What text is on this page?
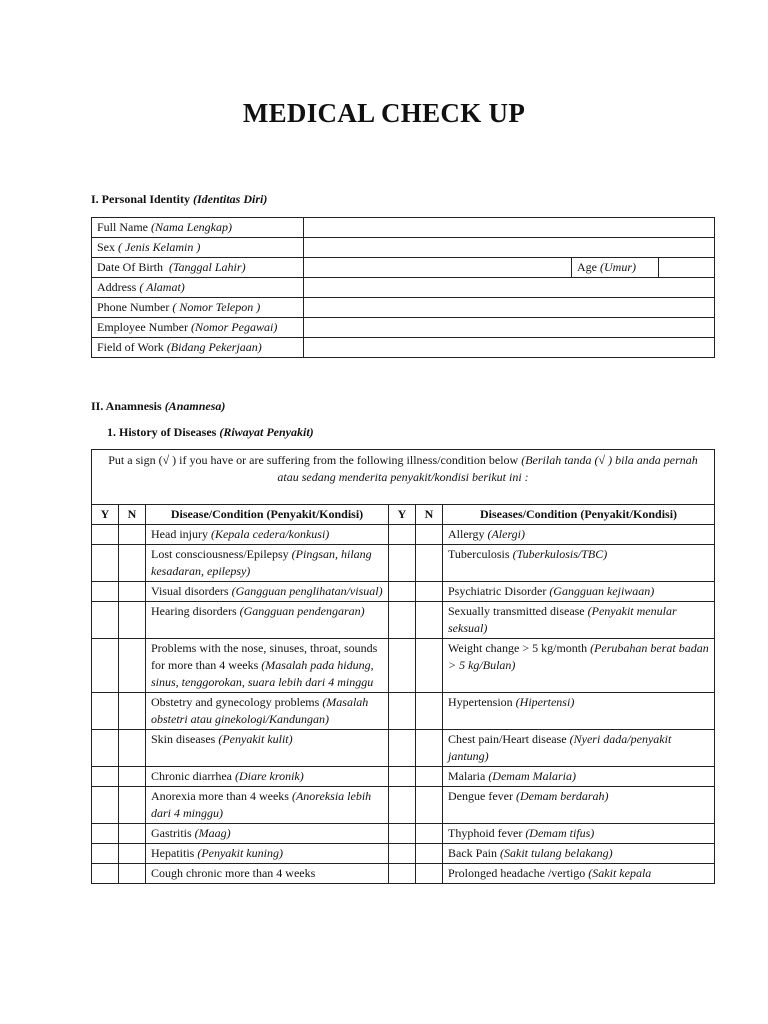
MEDICAL CHECK UP
I. Personal Identity (Identitas Diri)
Full Name (Nama Lengkap)			
Sex ( Jenis Kelamin )			
Date Of Birth (Tanggal Lahir)		Age (Umur)	
Address ( Alamat)			
Phone Number ( Nomor Telepon )			
Employee Number (Nomor Pegawai)			
Field of Work (Bidang Pekerjaan)			
II. Anamnesis (Anamnesa)
1. History of Diseases (Riwayat Penyakit)
Put a sign (√ ) if you have or are suffering from the following illness/condition below (Berilah tanda (√ ) bila anda pernah atau sedang menderita penyakit/kondisi berikut ini :					
Y	N	Disease/Condition (Penyakit/Kondisi)	Y	N	Diseases/Condition (Penyakit/Kondisi)
		Head injury (Kepala cedera/konkusi)			Allergy (Alergi)
		Lost consciousness/Epilepsy (Pingsan, hilang kesadaran, epilepsy)			Tuberculosis (Tuberkulosis/TBC)
		Visual disorders (Gangguan penglihatan/visual)			Psychiatric Disorder (Gangguan kejiwaan)
		Hearing disorders (Gangguan pendengaran)			Sexually transmitted disease (Penyakit menular seksual)
		Problems with the nose, sinuses, throat, sounds for more than 4 weeks (Masalah pada hidung, sinus, tenggorokan, suara lebih dari 4 minggu			Weight change > 5 kg/month (Perubahan berat badan > 5 kg/Bulan)
		Obstetry and gynecology problems (Masalah obstetri atau ginekologi/Kandungan)			Hypertension (Hipertensi)
		Skin diseases (Penyakit kulit)			Chest pain/Heart disease (Nyeri dada/penyakit jantung)
		Chronic diarrhea (Diare kronik)			Malaria (Demam Malaria)
		Anorexia more than 4 weeks (Anoreksia lebih dari 4 minggu)			Dengue fever (Demam berdarah)
		Gastritis (Maag)			Thyphoid fever (Demam tifus)
		Hepatitis (Penyakit kuning)			Back Pain (Sakit tulang belakang)
		Cough chronic more than 4 weeks			Prolonged headache /vertigo (Sakit kepala
